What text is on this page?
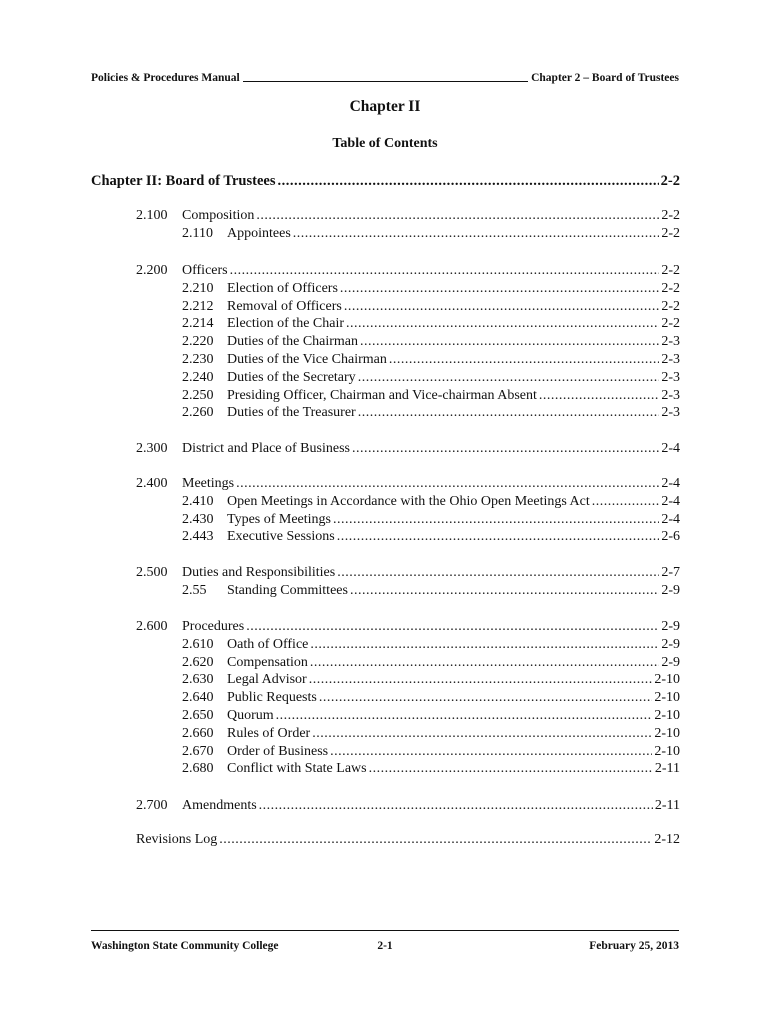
Policies & Procedures Manual	Chapter 2 – Board of Trustees
Chapter II
Table of Contents
Chapter II: Board of Trustees .....	2-2
2.100	Composition .....	2-2
2.110	Appointees .....	2-2
2.200	Officers .....	2-2
2.210 Election of Officers .....	2-2
2.212 Removal of Officers .....	2-2
2.214 Election of the Chair .....	2-2
2.220 Duties of the Chairman .....	2-3
2.230 Duties of the Vice Chairman .....	2-3
2.240 Duties of the Secretary .....	2-3
2.250 Presiding Officer, Chairman and Vice-chairman Absent .....	2-3
2.260 Duties of the Treasurer .....	2-3
2.300	District and Place of Business .....	2-4
2.400	Meetings .....	2-4
2.410 Open Meetings in Accordance with the Ohio Open Meetings Act .....	2-4
2.430 Types of Meetings .....	2-4
2.443 Executive Sessions .....	2-6
2.500	Duties and Responsibilities .....	2-7
2.55	Standing Committees .....	2-9
2.600	Procedures .....	2-9
2.610 Oath of Office .....	2-9
2.620 Compensation .....	2-9
2.630 Legal Advisor .....	2-10
2.640 Public Requests .....	2-10
2.650 Quorum .....	2-10
2.660 Rules of Order .....	2-10
2.670 Order of Business .....	2-10
2.680 Conflict with State Laws .....	2-11
2.700	Amendments .....	2-11
Revisions Log .....	2-12
Washington State Community College	2-1	February 25, 2013
